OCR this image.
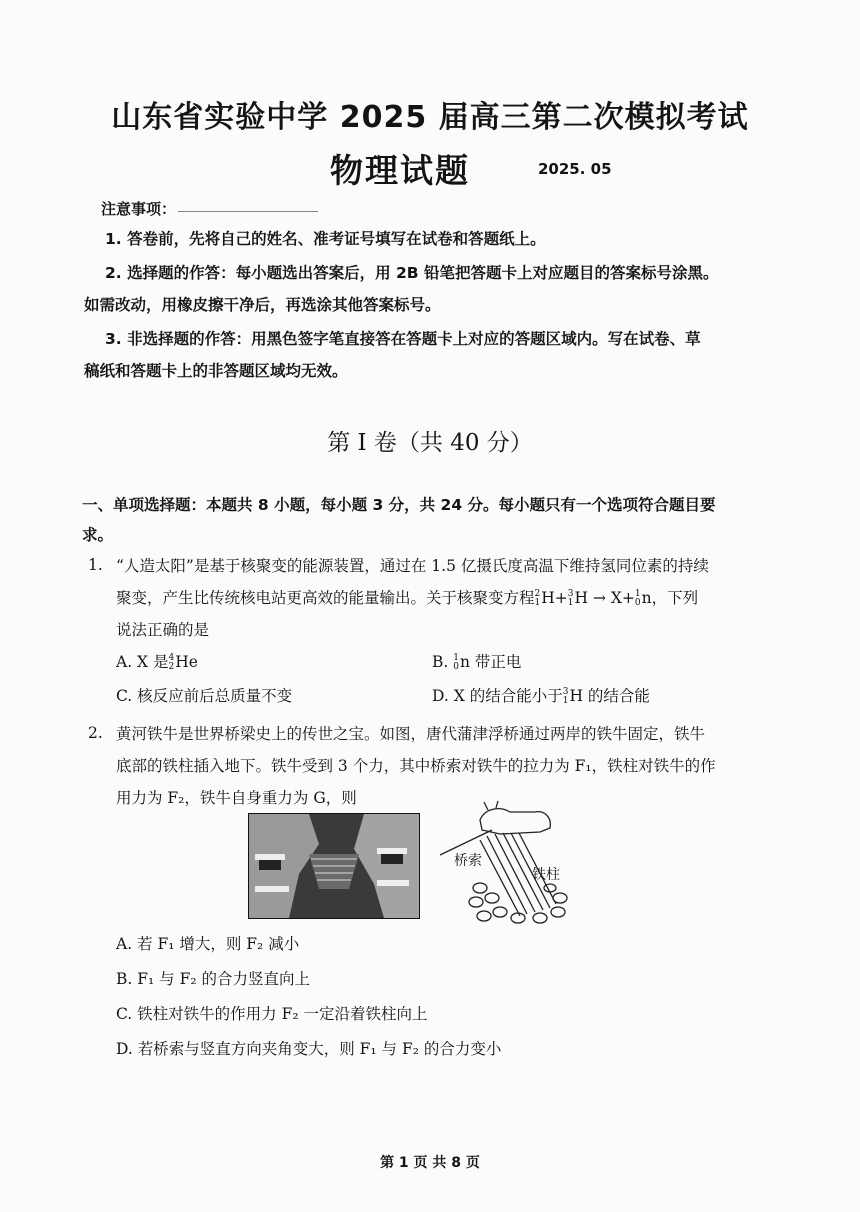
山东省实验中学 2025 届高三第二次模拟考试
物理试题	2025. 05
注意事项：
1. 答卷前，先将自己的姓名、准考证号填写在试卷和答题纸上。
2. 选择题的作答：每小题选出答案后，用 2B 铅笔把答题卡上对应题目的答案标号涂黑。
如需改动，用橡皮擦干净后，再选涂其他答案标号。
3. 非选择题的作答：用黑色签字笔直接答在答题卡上对应的答题区域内。写在试卷、草
稿纸和答题卡上的非答题区域均无效。
第 I 卷（共 40 分）
一、单项选择题：本题共 8 小题，每小题 3 分，共 24 分。每小题只有一个选项符合题目要
求。
1. “人造太阳”是基于核聚变的能源装置，通过在 1.5 亿摄氏度高温下维持氢同位素的持续
聚变，产生比传统核电站更高效的能量输出。关于核聚变方程 2
1 H+ 3
1 H → X+ 1
0 n，下列
说法正确的是
A. X 是 4
2 He	B. 1
0 n 带正电
C. 核反应前后总质量不变	D. X 的结合能小于 3
1 H 的结合能
2. 黄河铁牛是世界桥梁史上的传世之宝。如图，唐代蒲津浮桥通过两岸的铁牛固定，铁牛
底部的铁柱插入地下。铁牛受到 3 个力，其中桥索对铁牛的拉力为 F₁，铁柱对铁牛的作
用力为 F₂，铁牛自身重力为 G，则
桥索
铁柱
A. 若 F₁ 增大，则 F₂ 减小
B. F₁ 与 F₂ 的合力竖直向上
C. 铁柱对铁牛的作用力 F₂ 一定沿着铁柱向上
D. 若桥索与竖直方向夹角变大，则 F₁ 与 F₂ 的合力变小
第 1 页 共 8 页
